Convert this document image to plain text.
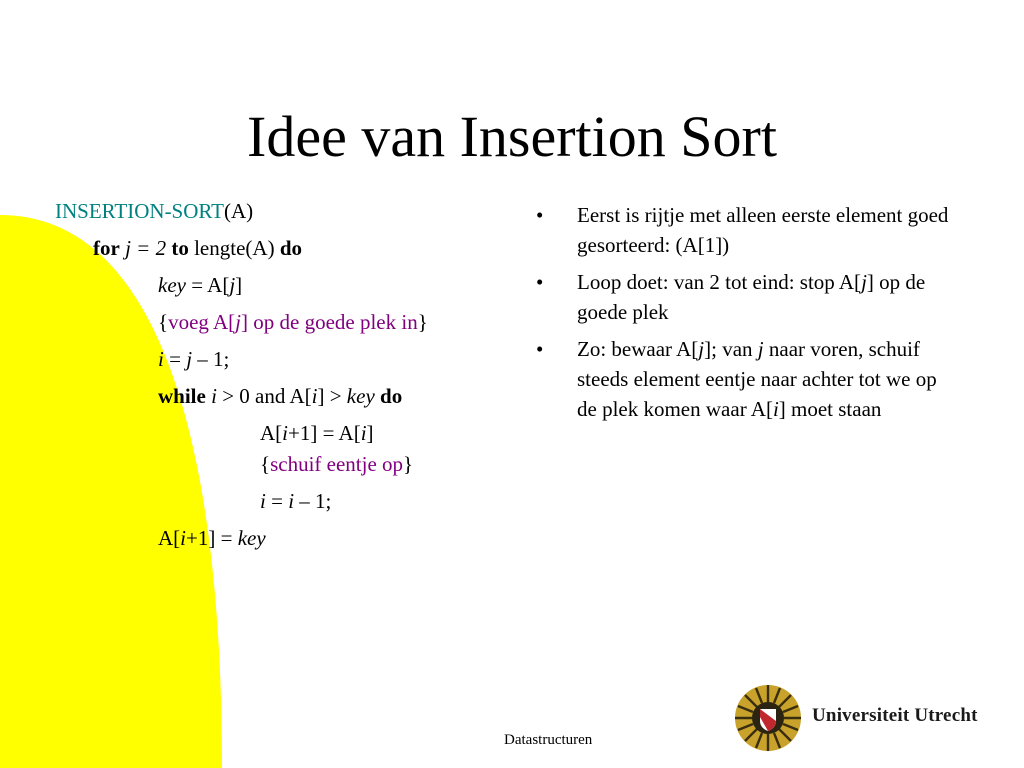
Idee van Insertion Sort
INSERTION-SORT(A)
for j = 2 to lengte(A) do
key = A[j]
{voeg A[j] op de goede plek in}
i = j – 1;
while i > 0 and A[i] > key do
A[i+1] = A[i]
{schuif eentje op}
i = i – 1;
A[i+1] = key
• Eerst is rijtje met alleen eerste element goed gesorteerd: (A[1])
• Loop doet: van 2 tot eind: stop A[j] op de goede plek
• Zo: bewaar A[j]; van j naar voren, schuif steeds element eentje naar achter tot we op de plek komen waar A[i] moet staan
Datastructuren
Universiteit Utrecht
